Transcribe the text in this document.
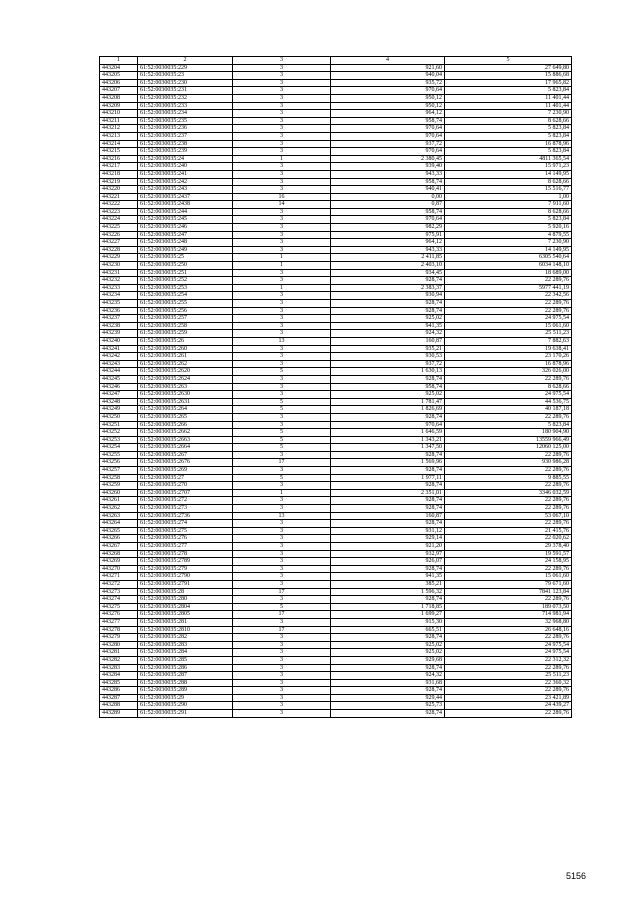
1	2	3	4	5
443204	61:52:0030035:229	3	921,60	27 649,80
443205	61:52:0030035:23	3	940,04	15 886,68
443206	61:52:0030035:230	3	935,72	17 965,82
443207	61:52:0030035:231	3	970,64	5 823,84
443208	61:52:0030035:232	3	950,12	11 401,44
443209	61:52:0030035:233	3	950,12	11 401,44
443210	61:52:0030035:234	3	964,12	7 230,90
443211	61:52:0030035:235	3	958,74	8 628,66
443212	61:52:0030035:236	3	970,64	5 823,84
443213	61:52:0030035:237	3	970,64	5 823,84
443214	61:52:0030035:238	3	937,72	16 878,96
443215	61:52:0030035:239	3	970,64	5 823,84
443216	61:52:0030035:24	1	2 380,45	4811 365,54
443217	61:52:0030035:240	3	939,40	15 971,23
443218	61:52:0030035:241	3	943,33	14 149,95
443219	61:52:0030035:242	3	958,74	8 628,66
443220	61:52:0030035:243	3	940,41	15 516,77
443221	61:52:0030035:2437	16	0,00	1,00
443222	61:52:0030035:2438	14	0,87	7 911,60
443223	61:52:0030035:244	3	958,74	8 628,66
443224	61:52:0030035:245	3	970,64	5 823,84
443225	61:52:0030035:246	3	982,29	5 920,16
443226	61:52:0030035:247	3	975,91	4 879,55
443227	61:52:0030035:248	3	964,12	7 230,90
443228	61:52:0030035:249	3	943,33	14 149,95
443229	61:52:0030035:25	1	2 411,85	6305 540,64
443230	61:52:0030035:250	1	2 403,10	6034 148,10
443231	61:52:0030035:251	3	934,45	18 689,00
443232	61:52:0030035:252	3	928,74	22 289,76
443233	61:52:0030035:253	1	2 383,37	5977 441,19
443234	61:52:0030035:254	3	930,94	22 342,56
443235	61:52:0030035:255	3	928,74	22 289,76
443236	61:52:0030035:256	3	928,74	22 289,76
443237	61:52:0030035:257	3	925,02	24 975,54
443238	61:52:0030035:258	3	941,35	15 061,60
443239	61:52:0030035:259	3	924,32	25 511,23
443240	61:52:0030035:26	13	160,87	7 882,63
443241	61:52:0030035:260	3	935,21	19 638,41
443242	61:52:0030035:261	3	930,53	23 170,26
443243	61:52:0030035:262	3	937,72	16 878,96
443244	61:52:0030035:2620	5	1 630,13	326 026,00
443245	61:52:0030035:2624	3	928,74	22 289,76
443246	61:52:0030035:263	3	958,74	8 628,66
443247	61:52:0030035:2630	3	925,02	24 975,54
443248	61:52:0030035:2631	5	1 781,47	44 536,75
443249	61:52:0030035:264	5	1 826,69	40 187,18
443250	61:52:0030035:265	3	928,74	22 289,76
443251	61:52:0030035:266	3	970,64	5 823,84
443252	61:52:0030035:2662	5	1 646,59	180 904,90
443253	61:52:0030035:2663	5	1 343,21	13559 966,49
443254	61:52:0030035:2664	5	1 347,50	12060 125,00
443255	61:52:0030035:267	3	928,74	22 289,76
443256	61:52:0030035:2676	17	1 569,96	930 986,28
443257	61:52:0030035:269	3	928,74	22 289,76
443258	61:52:0030035:27	5	1 977,11	9 885,55
443259	61:52:0030035:270	3	928,74	22 289,76
443260	61:52:0030035:2707	1	2 351,01	3346 032,59
443261	61:52:0030035:272	3	928,74	22 289,76
443262	61:52:0030035:273	3	928,74	22 289,76
443263	61:52:0030035:2736	13	160,87	53 067,10
443264	61:52:0030035:274	3	928,74	22 289,76
443265	61:52:0030035:275	3	931,12	21 415,76
443266	61:52:0030035:276	3	929,14	22 020,62
443267	61:52:0030035:277	3	921,20	29 378,40
443268	61:52:0030035:278	3	932,97	19 591,57
443269	61:52:0030035:2789	3	926,07	24 158,95
443270	61:52:0030035:279	3	928,74	22 289,76
443271	61:52:0030035:2790	3	941,35	15 061,60
443272	61:52:0030035:2791	3	385,21	79 671,60
443273	61:52:0030035:28	17	1 596,32	7841 123,84
443274	61:52:0030035:280	3	928,74	22 289,76
443275	61:52:0030035:2804	5	1 718,85	189 073,50
443276	61:52:0030035:2805	17	1 699,27	714 981,94
443277	61:52:0030035:281	3	915,30	32 968,80
443278	61:52:0030035:2810	17	665,51	26 648,16
443279	61:52:0030035:282	3	928,74	22 289,76
443280	61:52:0030035:283	3	925,02	24 975,54
443281	61:52:0030035:284	3	925,02	24 975,54
443282	61:52:0030035:285	3	929,68	22 312,32
443283	61:52:0030035:286	3	928,74	22 289,76
443284	61:52:0030035:287	3	924,32	25 511,23
443285	61:52:0030035:288	3	931,68	22 360,32
443286	61:52:0030035:289	3	928,74	22 289,76
443287	61:52:0030035:29	3	929,44	23 421,89
443288	61:52:0030035:290	3	925,73	24 439,27
443289	61:52:0030035:291	3	928,74	22 289,76
5156
